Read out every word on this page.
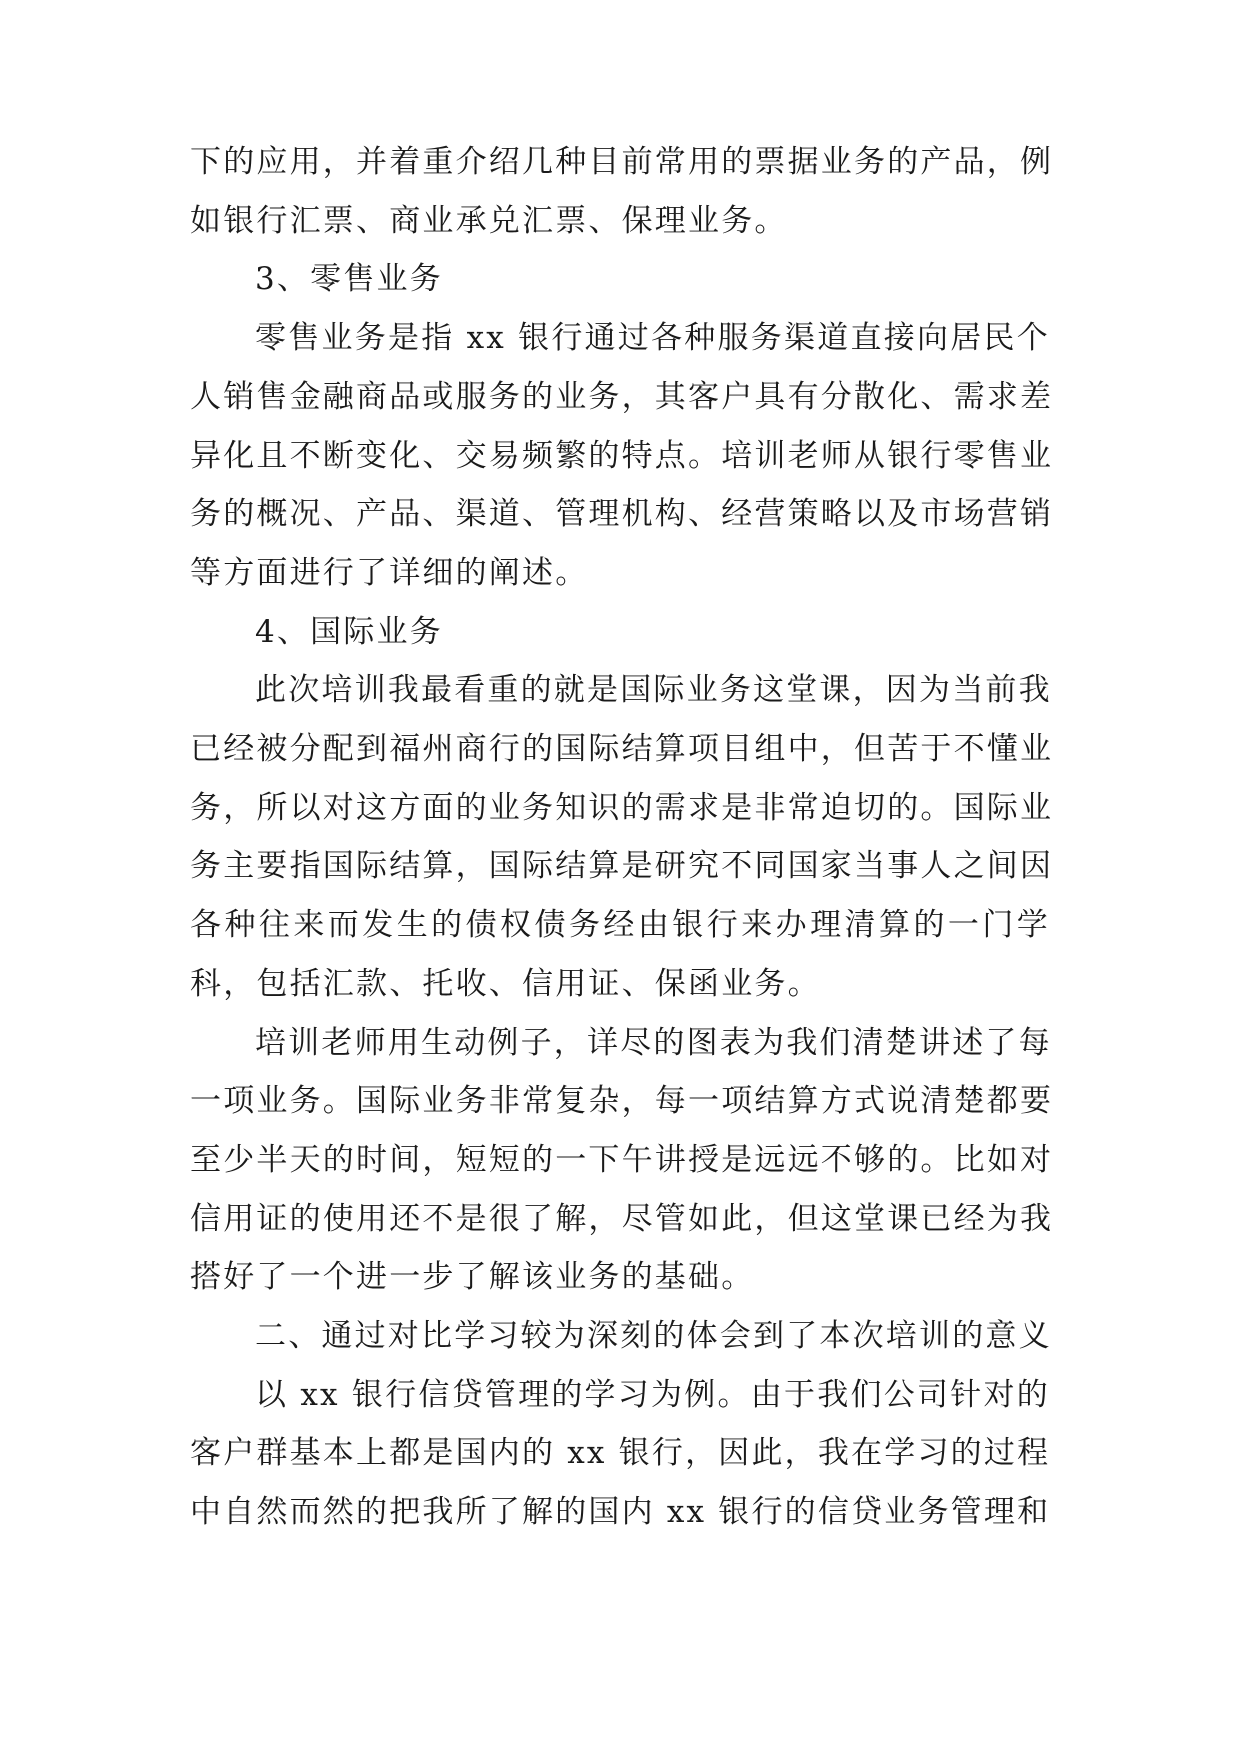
下的应用，并着重介绍几种目前常用的票据业务的产品，例
如银行汇票、商业承兑汇票、保理业务。
3、零售业务
零售业务是指 xx 银行通过各种服务渠道直接向居民个
人销售金融商品或服务的业务，其客户具有分散化、需求差
异化且不断变化、交易频繁的特点。培训老师从银行零售业
务的概况、产品、渠道、管理机构、经营策略以及市场营销
等方面进行了详细的阐述。
4、国际业务
此次培训我最看重的就是国际业务这堂课，因为当前我
已经被分配到福州商行的国际结算项目组中，但苦于不懂业
务，所以对这方面的业务知识的需求是非常迫切的。国际业
务主要指国际结算，国际结算是研究不同国家当事人之间因
各种往来而发生的债权债务经由银行来办理清算的一门学
科，包括汇款、托收、信用证、保函业务。
培训老师用生动例子，详尽的图表为我们清楚讲述了每
一项业务。国际业务非常复杂，每一项结算方式说清楚都要
至少半天的时间，短短的一下午讲授是远远不够的。比如对
信用证的使用还不是很了解，尽管如此，但这堂课已经为我
搭好了一个进一步了解该业务的基础。
二、通过对比学习较为深刻的体会到了本次培训的意义
以 xx 银行信贷管理的学习为例。由于我们公司针对的
客户群基本上都是国内的 xx 银行，因此，我在学习的过程
中自然而然的把我所了解的国内 xx 银行的信贷业务管理和
